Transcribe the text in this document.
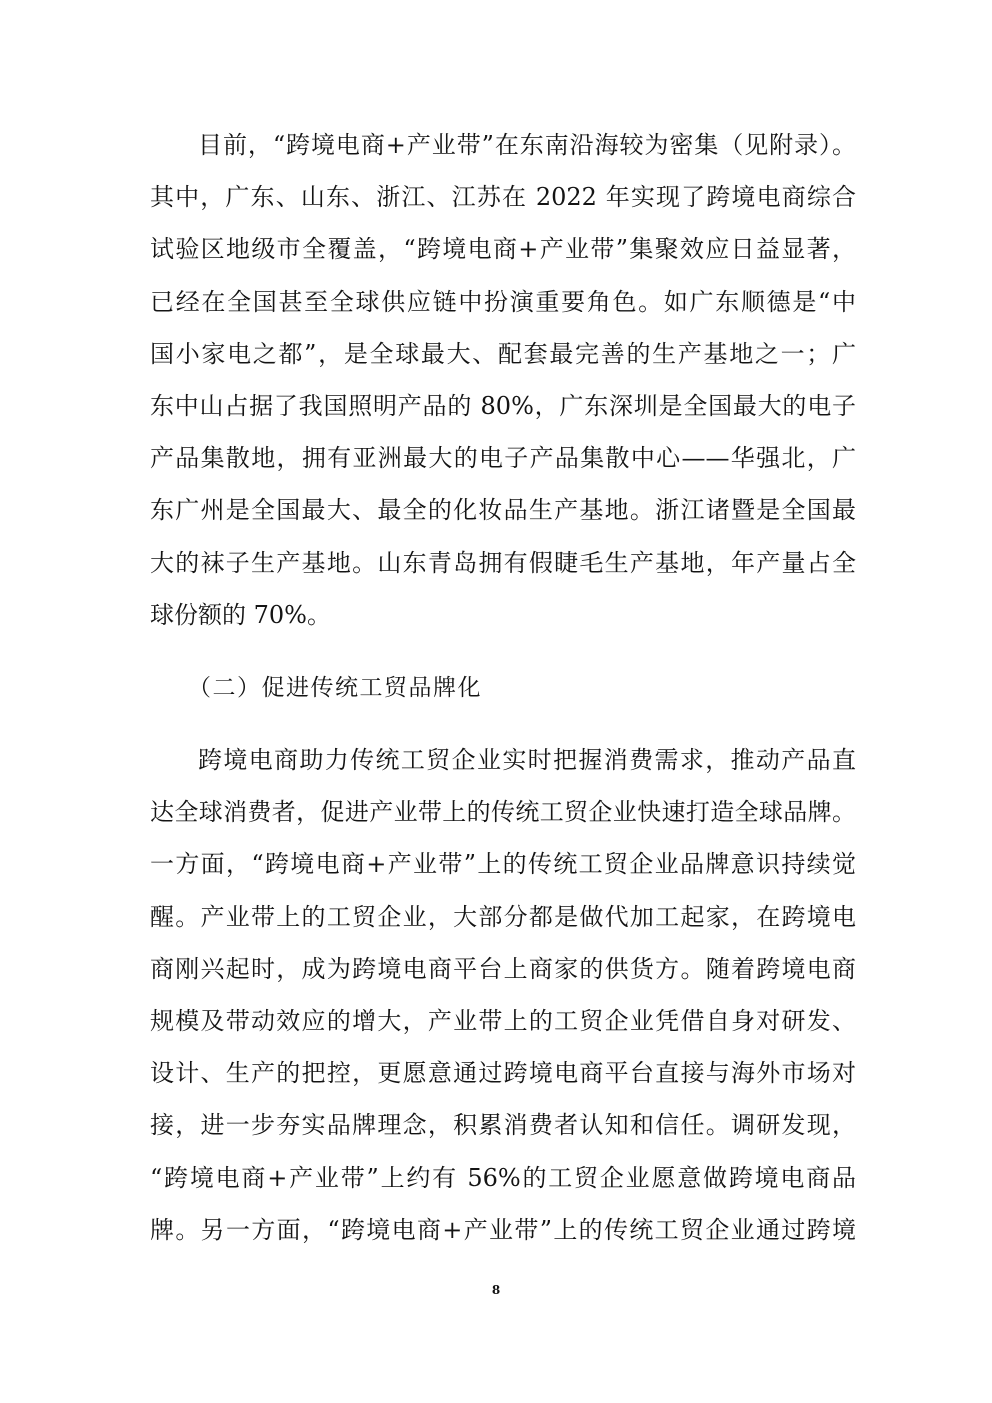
目前，“跨境电商+产业带”在东南沿海较为密集（见附录）。
其中，广东、山东、浙江、江苏在 2022 年实现了跨境电商综合
试验区地级市全覆盖，“跨境电商+产业带”集聚效应日益显著，
已经在全国甚至全球供应链中扮演重要角色。如广东顺德是“中
国小家电之都”，是全球最大、配套最完善的生产基地之一；广
东中山占据了我国照明产品的 80%，广东深圳是全国最大的电子
产品集散地，拥有亚洲最大的电子产品集散中心——华强北，广
东广州是全国最大、最全的化妆品生产基地。浙江诸暨是全国最
大的袜子生产基地。山东青岛拥有假睫毛生产基地，年产量占全
球份额的 70%。
（二）促进传统工贸品牌化
跨境电商助力传统工贸企业实时把握消费需求，推动产品直
达全球消费者，促进产业带上的传统工贸企业快速打造全球品牌。
一方面，“跨境电商+产业带”上的传统工贸企业品牌意识持续觉
醒。产业带上的工贸企业，大部分都是做代加工起家，在跨境电
商刚兴起时，成为跨境电商平台上商家的供货方。随着跨境电商
规模及带动效应的增大，产业带上的工贸企业凭借自身对研发、
设计、生产的把控，更愿意通过跨境电商平台直接与海外市场对
接，进一步夯实品牌理念，积累消费者认知和信任。调研发现，
“跨境电商+产业带”上约有 56%的工贸企业愿意做跨境电商品
牌。另一方面，“跨境电商+产业带”上的传统工贸企业通过跨境
8
